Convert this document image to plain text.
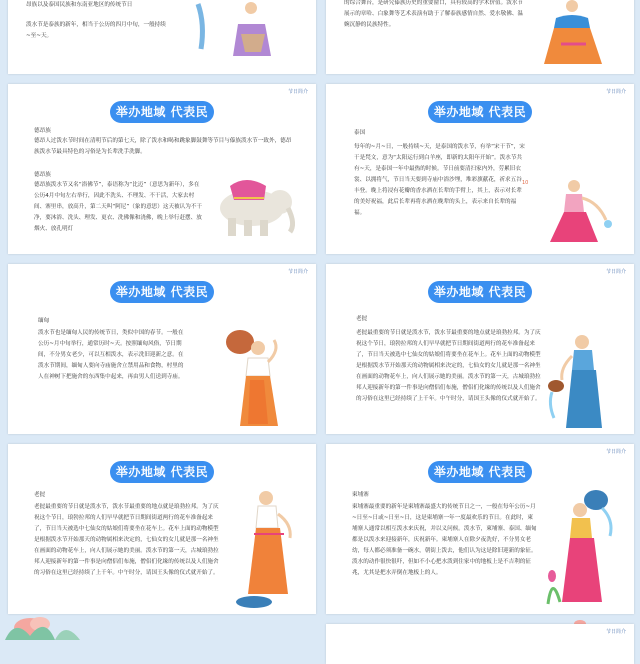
昂族以及泰国民族和东南亚地区的传统节日

泼水节是泰族的新年，相当于公历的四月中旬，一般持续~至~天。

的综合舞台，是研究傣族历史的重要窗口，具有较高的学术价值。泼水节展示的章哈、白象舞等艺术表演有助于了解泰族感情自然、爱水敬佛、温婉沉静的民族特性。

节日简介
举办地域 代表民族
德昂族

德昂人过泼水节时间在清明节后的第七天，除了泼水和喝和跳象脚鼓舞等节目与傣族泼水节一致外，德昂族泼水节最具特色的习俗是为长辈洗手洗脚。

德昂族

德昂族泼水节又名“浴佛节”，泰语称为“比迈”（意思为新年），多在公历4月中旬左右举行，因此不洗头、不理发、不干活，大家去村间、寨里串，放高升，第二天叫“阿尼”（象的意思）这天被认为不干净，要沐浴、洗头、理发、更衣、洗佛像和浇佛，晚上举行赶摆、放烟火、放孔明灯

节日简介
举办地域 代表民族
泰国

每年的~月~日，一般持续~天，是泰国的泼水节，有举“宋干节”，宋干是梵文，意为“太阳运行到白羊座，即新的太阳年开始”。泼水节共有~天，是泰国一年中最热的时候。节日前要清扫家内外，劳累旧衣裳、以拥将气，节日当天要到寺庙中浴沙埋，堆彩旗献花，祈求五谷丰登。晚上将浸有花瓣的香水洒在长辈的手臂上，其上，表示对长辈的美好祝福，此后长辈再将水洒在晚辈的头上，表示来自长辈的福福。

10
节日简介
举办地域 代表民族
缅甸

泼水节也是缅甸人民的传统节日，类似中国的春节。一般在公历~月中旬举行，通常历时~天。按照缅甸风俗，节日期间，不分男女老少，可以互相泼水，表示洗旧迎新之意。在泼水节期间，缅甸人要向寺庙施舍立禁用品和食物，村里的人在神树下把施舍的东西集中起来，再由男人们送到寺庙。

节日简介
举办地域 代表民族
老挝

老挝最重要的节日就是泼水节，泼水节最重要的地点就是琅勃拉邦。为了庆祝这个节日，琅勃拉邦的人们早早就把节日期间街道两行的花车准备起来了，节日当天被选中七仙女的姑娘们将要坐在花车上。花车上面的动物模型是根据泼水节开始那天的动物属相来决定的，七仙女的女儿就是那一名神坐在画面的动物花车上，向人们展示她的美丽。泼水节的第一天，古城琅勃拉邦人迎接新年的第一件事是向僧侣们布施，僧侣们化缘的传统以及人们施舍的习俗在这里已经持续了上千年。中午时分，请国王头像的仪式就开始了。

举办地域 代表民族
老挝

老挝最重要的节日就是泼水节，泼水节最重要的地点就是琅勃拉邦。为了庆祝这个节日，琅勃拉邦的人们早早就把节日期间街道两行的花车准备起来了，节日当天被选中七仙女的姑娘们将要坐在花车上。花车上面的动物模型是根据泼水节开始那天的动物属相来决定的，七仙女的女儿就是那一名神坐在画面的动物花车上，向人们展示她的美丽。泼水节的第一天，古城琅勃拉邦人迎接新年的第一件事是向僧侣们布施，僧侣们化缘的传统以及人们施舍的习俗在这里已经持续了上千年。中午时分，请国王头像的仪式就开始了。

节日简介
举办地域 代表民族
柬埔寨

柬埔寨最重要的新年是柬埔寨最盛大的传统节日之一，一般在每年公历~月~日至~日或~日至~日，这是柬埔寨一年一度最欢乐的节日。在此时，柬埔寨人通常以相互泼水来庆祝，并以义问候。泼水节，柬埔寨、泰国、缅甸都是以泼水来迎接新年，庆祝新年。柬埔寨人在除夕夜洗好，不分男女老幼，每人都必须准备一碗水，朝街上泼去，他们认为这是除旧迎新的象征。泼水的动作很快很吓，但如不小心把水泼到住家中的地板上是不吉利的征兆，尤其是把水弄倒在地板上的人。

节日简介
